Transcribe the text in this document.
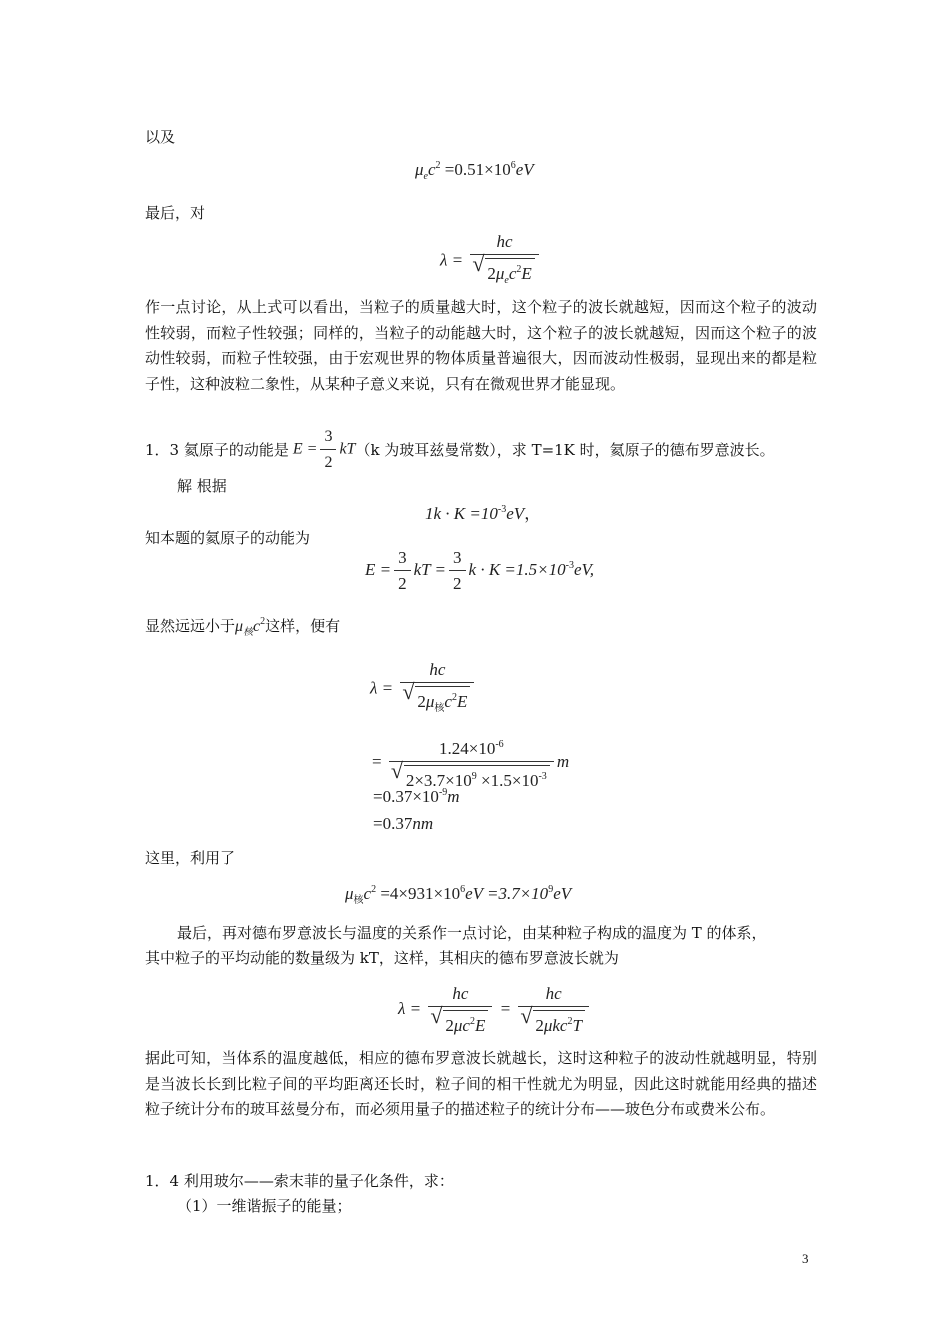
以及
$\mu_ec^2 =0.51\times 10^6eV$
最后，对
λ = hc
√ $2\mu_ec^2E$
作一点讨论，从上式可以看出，当粒子的质量越大时，这个粒子的波长就越短，因而这个粒子的波动性较弱，而粒子性较强；同样的，当粒子的动能越大时，这个粒子的波长就越短，因而这个粒子的波动性较弱，而粒子性较强，由于宏观世界的物体质量普遍很大，因而波动性极弱，显现出来的都是粒子性，这种波粒二象性，从某种子意义来说，只有在微观世界才能显现。
1．3 氦原子的动能是 $E = \frac{3}{2}$ kT （k 为玻耳兹曼常数），求 T=1K 时，氦原子的德布罗意波长。
解 根据
$1k \cdot K =10^{-3}eV$，
知本题的氦原子的动能为
$E = \frac{3}{2}$ kT = $\frac{3}{2}$ $k \cdot K =1.5\times 10^{-3}eV$,
显然远远小于$\mu_核c^2$这样，便有
λ = hc
√ $2\mu_核c^2E$
= $1.24\times 10^{-6}$
√ $2\times 3.7\times 10^9 \times 1.5\times 10^{-3}$ m
$=0.37\times 10^{-9}m$
=0.37nm
这里，利用了
$\mu_核c^2 =4\times 931\times 10^6eV =3.7\times 10^9eV$
最后，再对德布罗意波长与温度的关系作一点讨论，由某种粒子构成的温度为 T 的体系，
其中粒子的平均动能的数量级为 kT，这样，其相庆的德布罗意波长就为
λ = hc
√ $2\mu c^2E$ = hc
√ 2μkc$^2$T
据此可知，当体系的温度越低，相应的德布罗意波长就越长，这时这种粒子的波动性就越明显，特别是当波长长到比粒子间的平均距离还长时，粒子间的相干性就尤为明显，因此这时就能用经典的描述粒子统计分布的玻耳兹曼分布，而必须用量子的描述粒子的统计分布——玻色分布或费米公布。
1．4 利用玻尔——索末菲的量子化条件，求：
（1）一维谐振子的能量；
3
